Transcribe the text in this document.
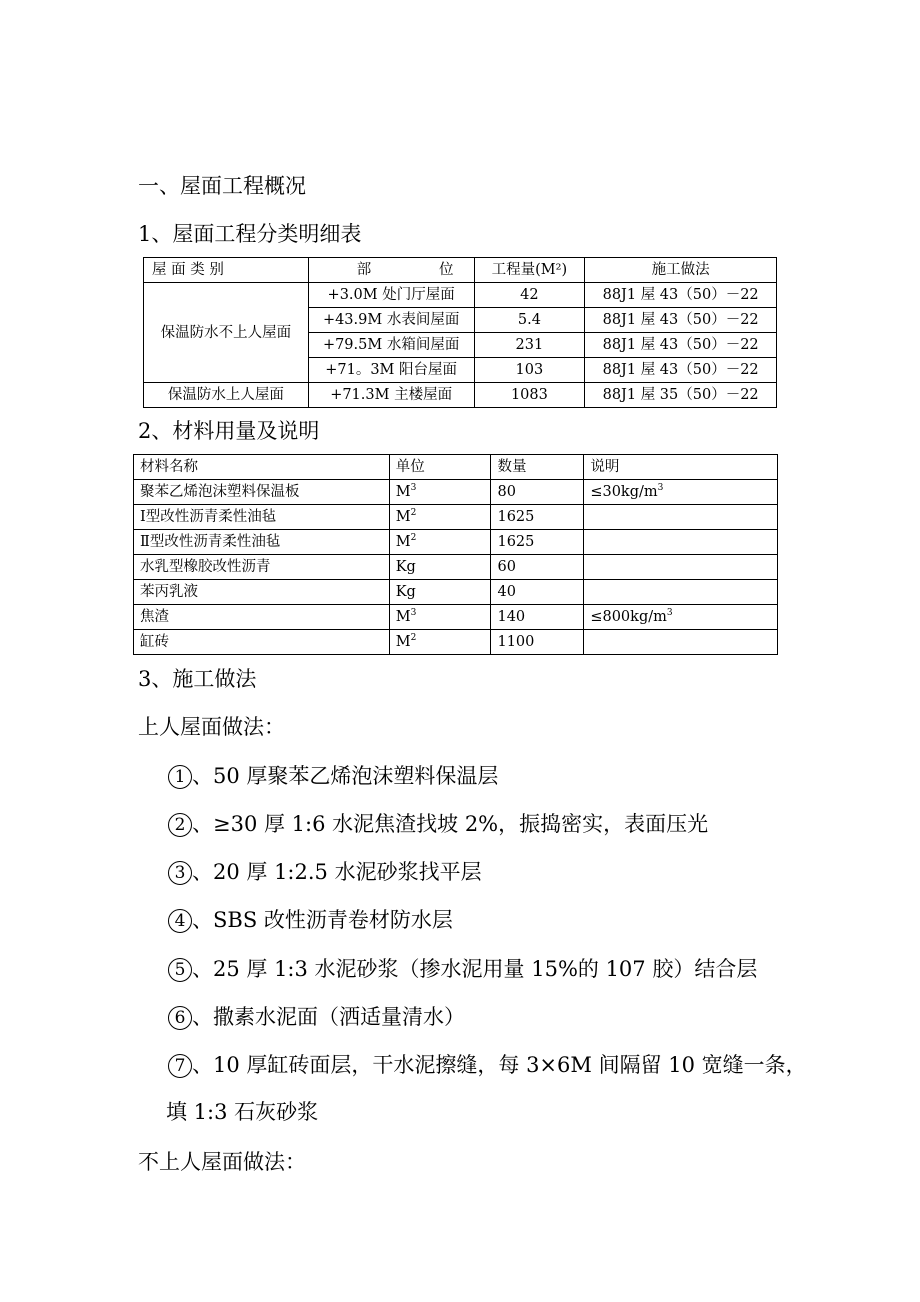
一、屋面工程概况
1、屋面工程分类明细表
屋 面 类 别	部 位	工程量(M²)	施工做法
保温防水不上人屋面	+3.0M 处门厅屋面	42	88J1 屋 43（50）－22
	+43.9M 水表间屋面	5.4	88J1 屋 43（50）－22
	+79.5M 水箱间屋面	231	88J1 屋 43（50）－22
	+71。3M 阳台屋面	103	88J1 屋 43（50）－22
保温防水上人屋面	+71.3M 主楼屋面	1083	88J1 屋 35（50）－22
2、材料用量及说明
材料名称	单位	数量	说明
聚苯乙烯泡沫塑料保温板	$M^3$	80	$\le 30kg/m^3$
Ⅰ型改性沥青柔性油毡	$M^2$	1625	
Ⅱ型改性沥青柔性油毡	$M^2$	1625	
水乳型橡胶改性沥青	Kg	60	
苯丙乳液	Kg	40	
焦渣	$M^3$	140	$\le 800kg/m^3$
缸砖	$M^2$	1100	
3、施工做法
上人屋面做法：
1 、50 厚聚苯乙烯泡沫塑料保温层
2 、≥30 厚 1:6 水泥焦渣找坡 2%，振捣密实，表面压光
3 、20 厚 1:2.5 水泥砂浆找平层
4 、SBS 改性沥青卷材防水层
5 、25 厚 1:3 水泥砂浆（掺水泥用量 15%的 107 胶）结合层
6 、撒素水泥面（洒适量清水）
7 、10 厚缸砖面层，干水泥擦缝，每 3×6M 间隔留 10 宽缝一条，
填 1:3 石灰砂浆
不上人屋面做法：
